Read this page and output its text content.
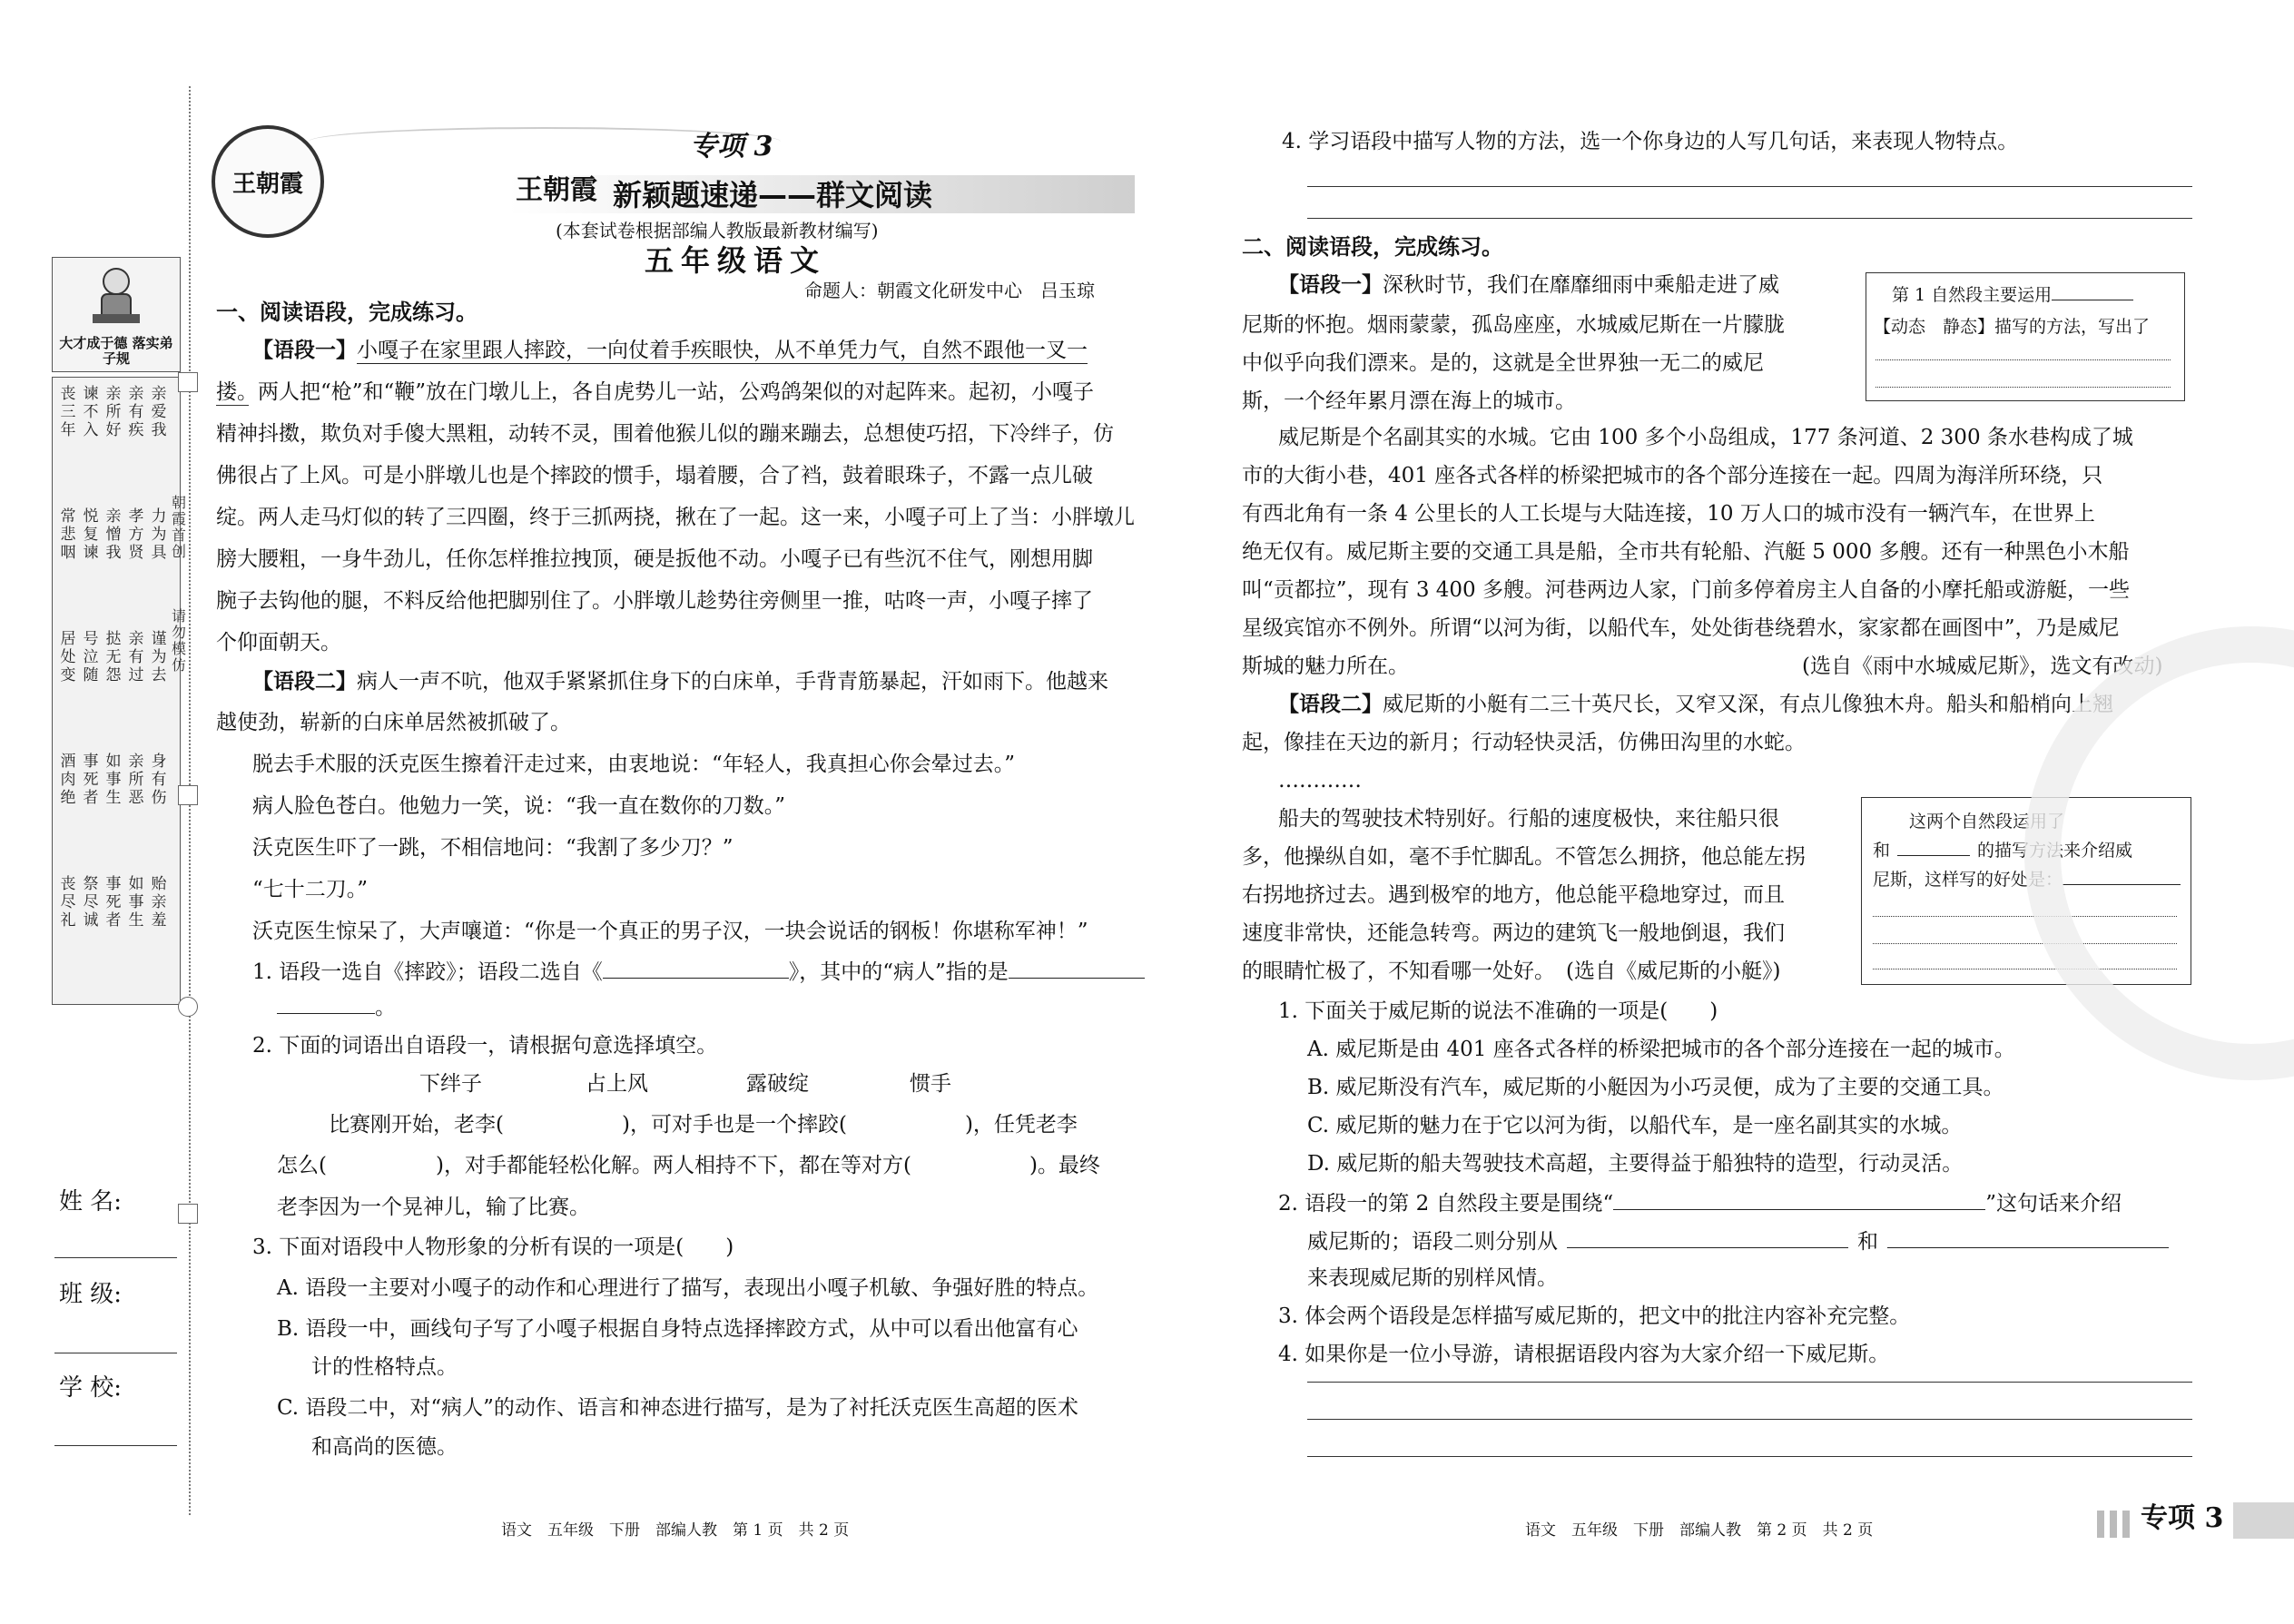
大才成于德 落实弟子规
丧三年
谏不入
亲所好
亲有疾
亲爱我
常悲咽
悦复谏
亲憎我
孝方贤
力为具
居处变
号泣随
挞无怨
亲有过
谨为去
酒肉绝
事死者
如事生
亲所恶
身有伤
丧尽礼
祭尽诚
事死者
如事生
贻亲羞
朝霞首创
请勿模仿
姓 名:
班 级:
学 校:
王朝霞
专项 3
王朝霞 新颖题速递——群文阅读
(本套试卷根据部编人教版最新教材编写)
五年级语文
命题人：朝霞文化研发中心　吕玉琼
一、阅读语段，完成练习。
【语段一】小嘎子在家里跟人摔跤，一向仗着手疾眼快，从不单凭力气，自然不跟他一叉一
搂。两人把“枪”和“鞭”放在门墩儿上，各自虎势儿一站，公鸡鸽架似的对起阵来。起初，小嘎子
精神抖擞，欺负对手傻大黑粗，动转不灵，围着他猴儿似的蹦来蹦去，总想使巧招，下冷绊子，仿
佛很占了上风。可是小胖墩儿也是个摔跤的惯手，塌着腰，合了裆，鼓着眼珠子，不露一点儿破
绽。两人走马灯似的转了三四圈，终于三抓两挠，揪在了一起。这一来，小嘎子可上了当：小胖墩儿
膀大腰粗，一身牛劲儿，任你怎样推拉拽顶，硬是扳他不动。小嘎子已有些沉不住气，刚想用脚
腕子去钩他的腿，不料反给他把脚别住了。小胖墩儿趁势往旁侧里一推，咕咚一声，小嘎子摔了
个仰面朝天。
【语段二】病人一声不吭，他双手紧紧抓住身下的白床单，手背青筋暴起，汗如雨下。他越来
越使劲，崭新的白床单居然被抓破了。
脱去手术服的沃克医生擦着汗走过来，由衷地说：“年轻人，我真担心你会晕过去。”
病人脸色苍白。他勉力一笑，说：“我一直在数你的刀数。”
沃克医生吓了一跳，不相信地问：“我割了多少刀？”
“七十二刀。”
沃克医生惊呆了，大声嚷道：“你是一个真正的男子汉，一块会说话的钢板！你堪称军神！”
1. 语段一选自《摔跤》；语段二选自《	》，其中的“病人”指的是
。
2. 下面的词语出自语段一，请根据句意选择填空。
下绊子	占上风	露破绽	惯手
比赛刚开始，老李(	)，可对手也是一个摔跤(	)，任凭老李
怎么(	)，对手都能轻松化解。两人相持不下，都在等对方(	)。最终
老李因为一个晃神儿，输了比赛。
3. 下面对语段中人物形象的分析有误的一项是(　　)
A. 语段一主要对小嘎子的动作和心理进行了描写，表现出小嘎子机敏、争强好胜的特点。
B. 语段一中，画线句子写了小嘎子根据自身特点选择摔跤方式，从中可以看出他富有心
计的性格特点。
C. 语段二中，对“病人”的动作、语言和神态进行描写，是为了衬托沃克医生高超的医术
和高尚的医德。
语文　五年级　下册　部编人教　第 1 页　共 2 页
4. 学习语段中描写人物的方法，选一个你身边的人写几句话，来表现人物特点。
二、阅读语段，完成练习。
【语段一】深秋时节，我们在靡靡细雨中乘船走进了威
尼斯的怀抱。烟雨蒙蒙，孤岛座座，水城威尼斯在一片朦胧
中似乎向我们漂来。是的，这就是全世界独一无二的威尼
斯，一个经年累月漂在海上的城市。
第 1 自然段主要运用
【动态　静态】描写的方法，写出了
威尼斯是个名副其实的水城。它由 100 多个小岛组成，177 条河道、2 300 条水巷构成了城
市的大街小巷，401 座各式各样的桥梁把城市的各个部分连接在一起。四周为海洋所环绕，只
有西北角有一条 4 公里长的人工长堤与大陆连接，10 万人口的城市没有一辆汽车，在世界上
绝无仅有。威尼斯主要的交通工具是船，全市共有轮船、汽艇 5 000 多艘。还有一种黑色小木船
叫“贡都拉”，现有 3 400 多艘。河巷两边人家，门前多停着房主人自备的小摩托船或游艇，一些
星级宾馆亦不例外。所谓“以河为街，以船代车，处处街巷绕碧水，家家都在画图中”，乃是威尼
斯城的魅力所在。	(选自《雨中水城威尼斯》，选文有改动)
【语段二】威尼斯的小艇有二三十英尺长，又窄又深，有点儿像独木舟。船头和船梢向上翘
起，像挂在天边的新月；行动轻快灵活，仿佛田沟里的水蛇。
…………
船夫的驾驶技术特别好。行船的速度极快，来往船只很
多，他操纵自如，毫不手忙脚乱。不管怎么拥挤，他总能左拐
右拐地挤过去。遇到极窄的地方，他总能平稳地穿过，而且
速度非常快，还能急转弯。两边的建筑飞一般地倒退，我们
的眼睛忙极了，不知看哪一处好。 (选自《威尼斯的小艇》)
这两个自然段运用了
和	的描写方法来介绍威
尼斯，这样写的好处是：
1. 下面关于威尼斯的说法不准确的一项是(　　)
A. 威尼斯是由 401 座各式各样的桥梁把城市的各个部分连接在一起的城市。
B. 威尼斯没有汽车，威尼斯的小艇因为小巧灵便，成为了主要的交通工具。
C. 威尼斯的魅力在于它以河为街，以船代车，是一座名副其实的水城。
D. 威尼斯的船夫驾驶技术高超，主要得益于船独特的造型，行动灵活。
2. 语段一的第 2 自然段主要是围绕“	”这句话来介绍
威尼斯的；语段二则分别从	和
来表现威尼斯的别样风情。
3. 体会两个语段是怎样描写威尼斯的，把文中的批注内容补充完整。
4. 如果你是一位小导游，请根据语段内容为大家介绍一下威尼斯。
语文　五年级　下册　部编人教　第 2 页　共 2 页	专项 3
